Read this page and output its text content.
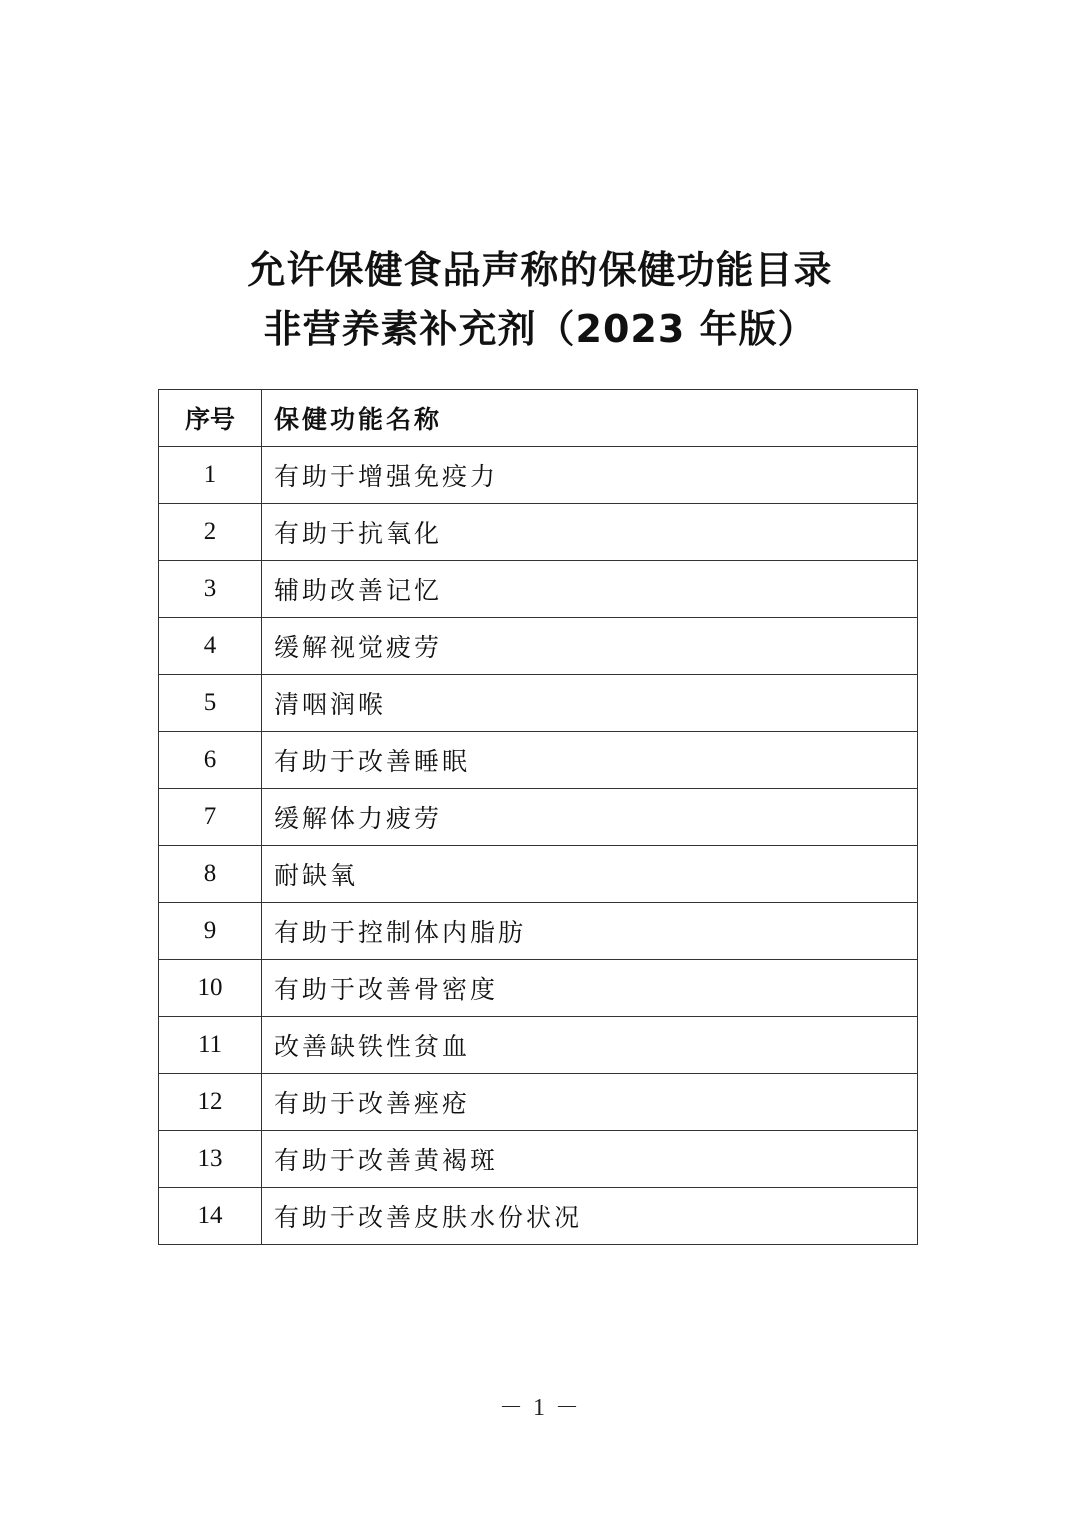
允许保健食品声称的保健功能目录
非营养素补充剂（2023 年版）
序号	保健功能名称
1	有助于增强免疫力
2	有助于抗氧化
3	辅助改善记忆
4	缓解视觉疲劳
5	清咽润喉
6	有助于改善睡眠
7	缓解体力疲劳
8	耐缺氧
9	有助于控制体内脂肪
10	有助于改善骨密度
11	改善缺铁性贫血
12	有助于改善痤疮
13	有助于改善黄褐斑
14	有助于改善皮肤水份状况
－ 1 －
